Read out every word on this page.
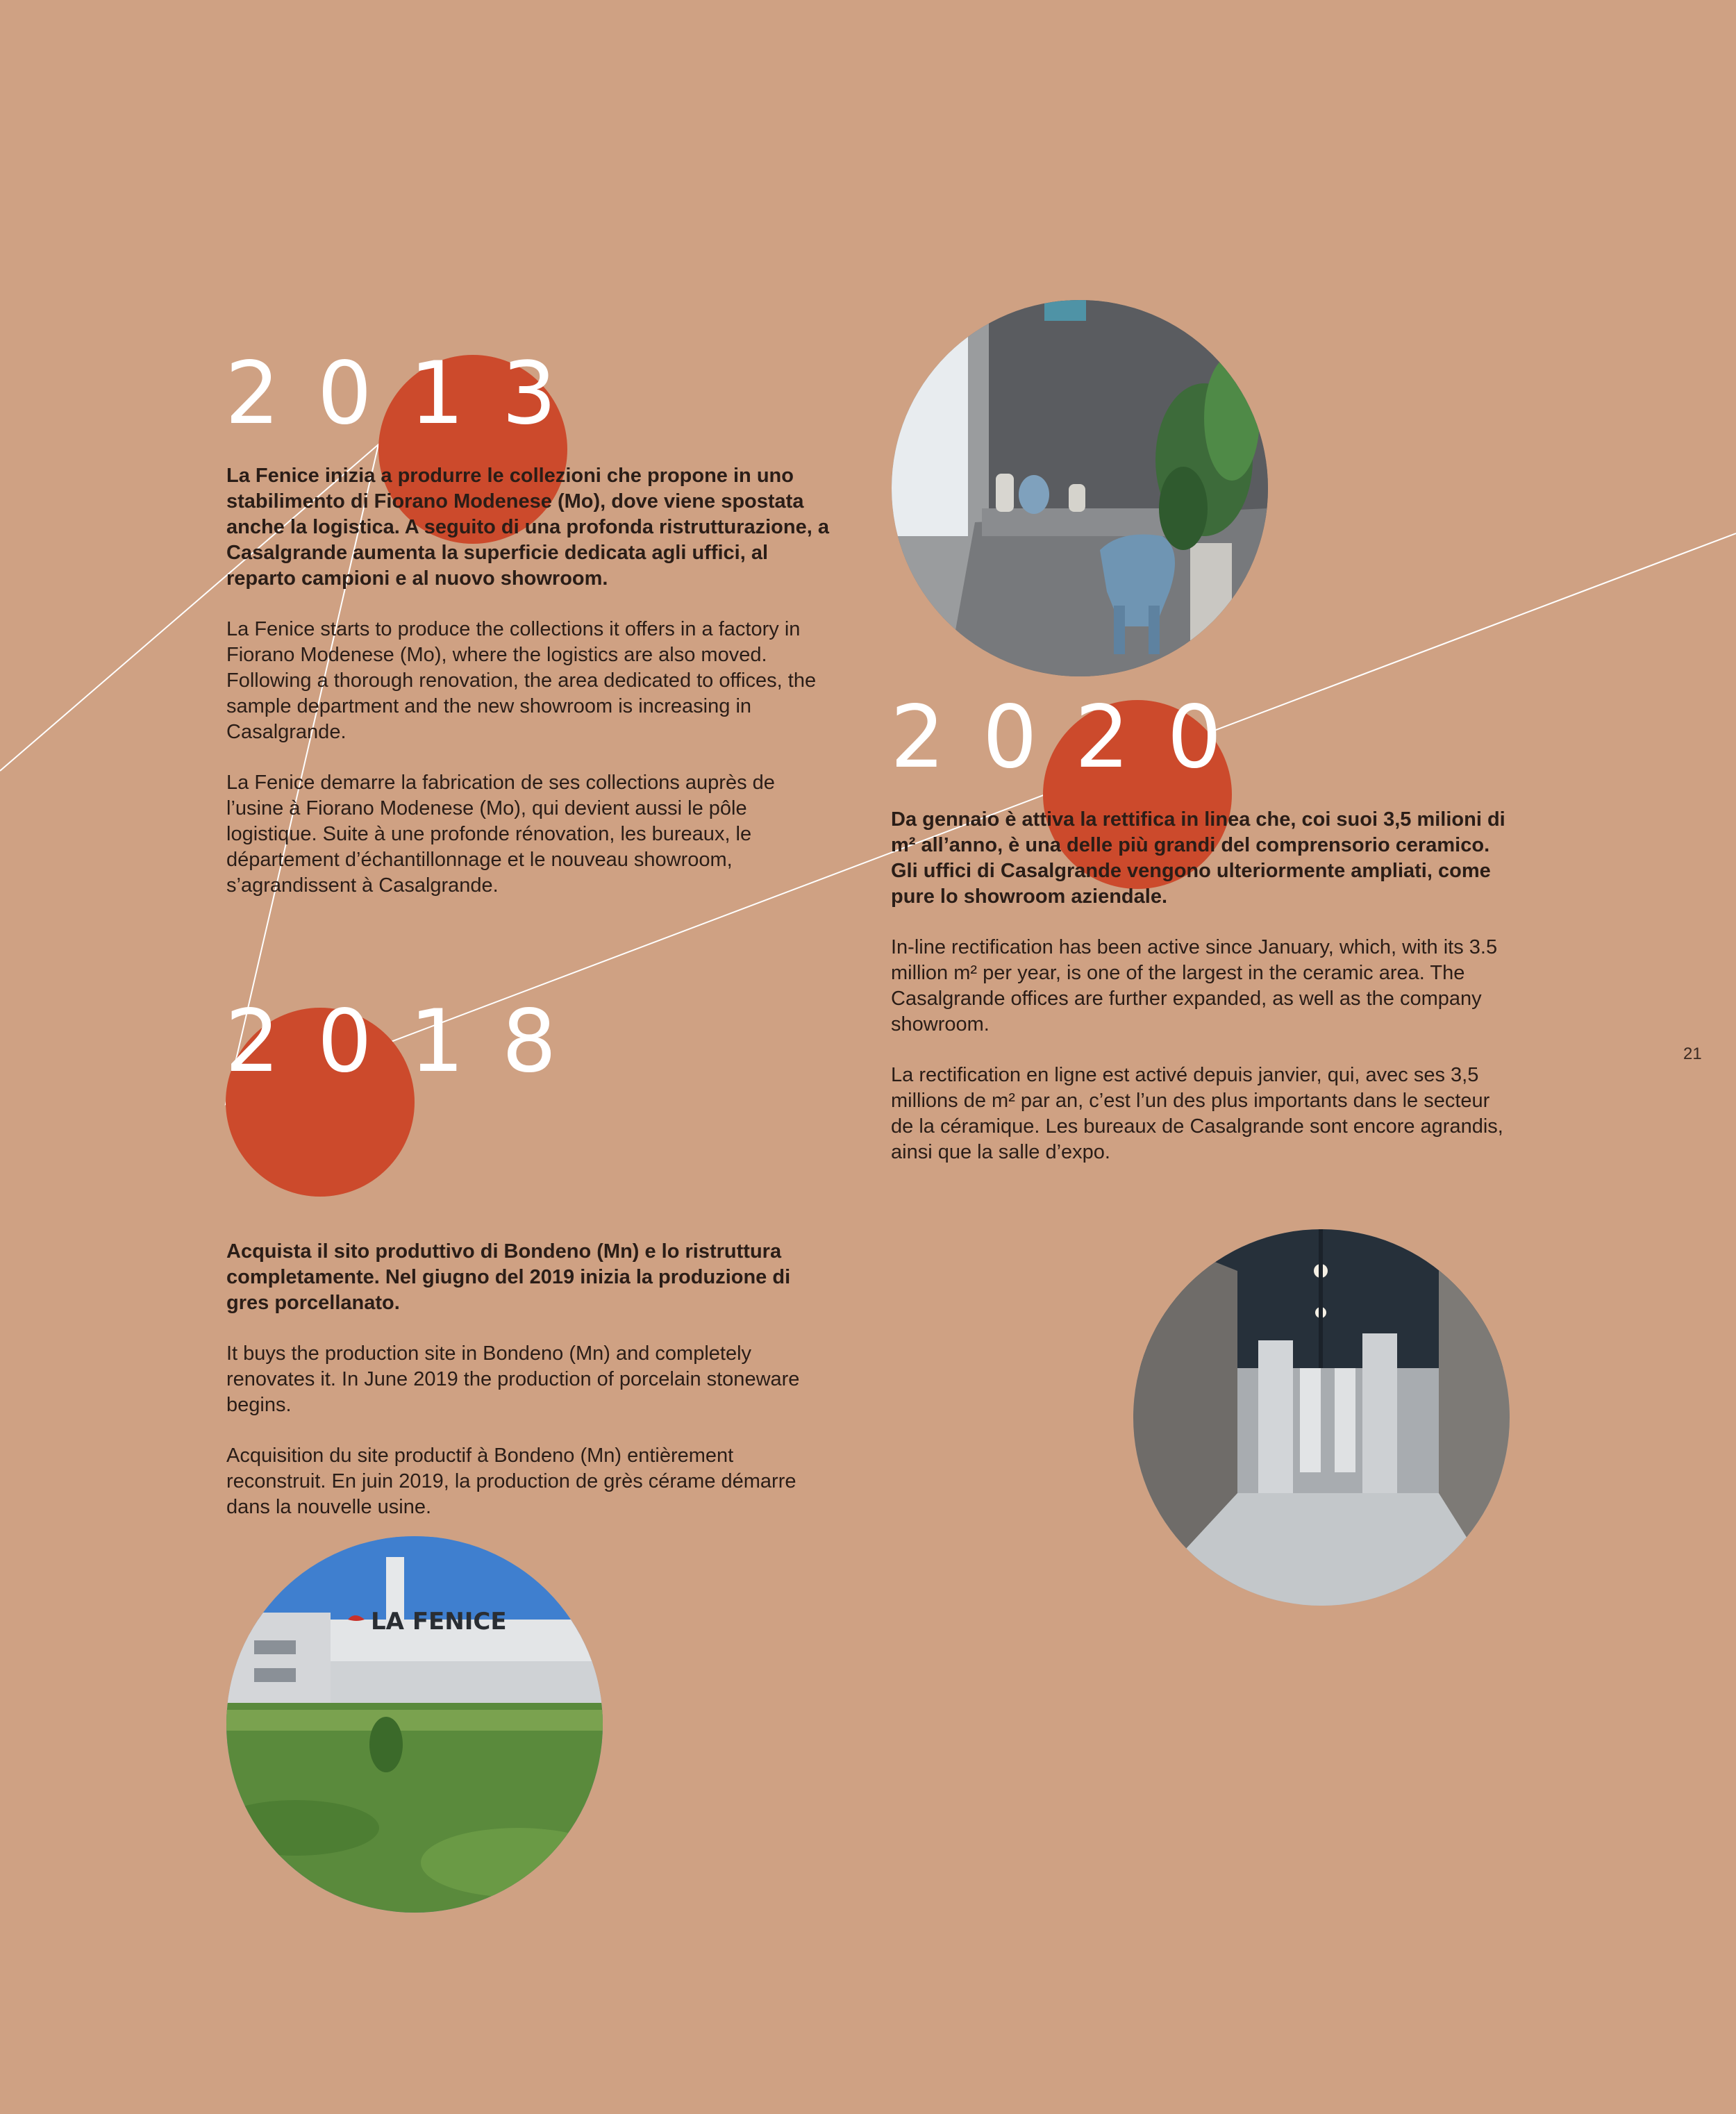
2013
2018
2020

La Fenice inizia a produrre le collezioni che propone in uno stabilimento di Fiorano Modenese (Mo), dove viene spostata anche la logistica. A seguito di una profonda ristrutturazione, a Casalgrande aumenta la superficie dedicata agli uffici, al reparto campioni e al nuovo showroom.

La Fenice starts to produce the collections it offers in a factory in Fiorano Modenese (Mo), where the logistics are also moved. Following a thorough renovation, the area dedicated to offices, the sample department and the new showroom is increasing in Casalgrande.

La Fenice demarre la fabrication de ses collections auprès de l’usine à Fiorano Modenese (Mo), qui devient aussi le pôle logistique. Suite à une profonde rénovation, les bureaux, le département d’échantillonnage et le nouveau showroom, s’agrandissent à Casalgrande.

Acquista il sito produttivo di Bondeno (Mn) e lo ristruttura completamente. Nel giugno del 2019 inizia la produzione di gres porcellanato.

It buys the production site in Bondeno (Mn) and completely renovates it. In June 2019 the production of porcelain stoneware begins.

Acquisition du site productif à Bondeno (Mn) entièrement reconstruit. En juin 2019, la production de grès cérame démarre dans la nouvelle usine.

Da gennaio è attiva la rettifica in linea che, coi suoi 3,5 milioni di m² all’anno, è una delle più grandi del comprensorio ceramico. Gli uffici di Casalgrande vengono ulteriormente ampliati, come pure lo showroom aziendale.

In-line rectification has been active since January, which, with its 3.5 million m² per year, is one of the largest in the ceramic area. The Casalgrande offices are further expanded, as well as the company showroom.

La rectification en ligne est activé depuis janvier, qui, avec ses 3,5 millions de m² par an, c’est l’un des plus importants dans le secteur de la céramique. Les bureaux de Casalgrande sont encore agrandis, ainsi que la salle d’expo.

LA FENICE
21
